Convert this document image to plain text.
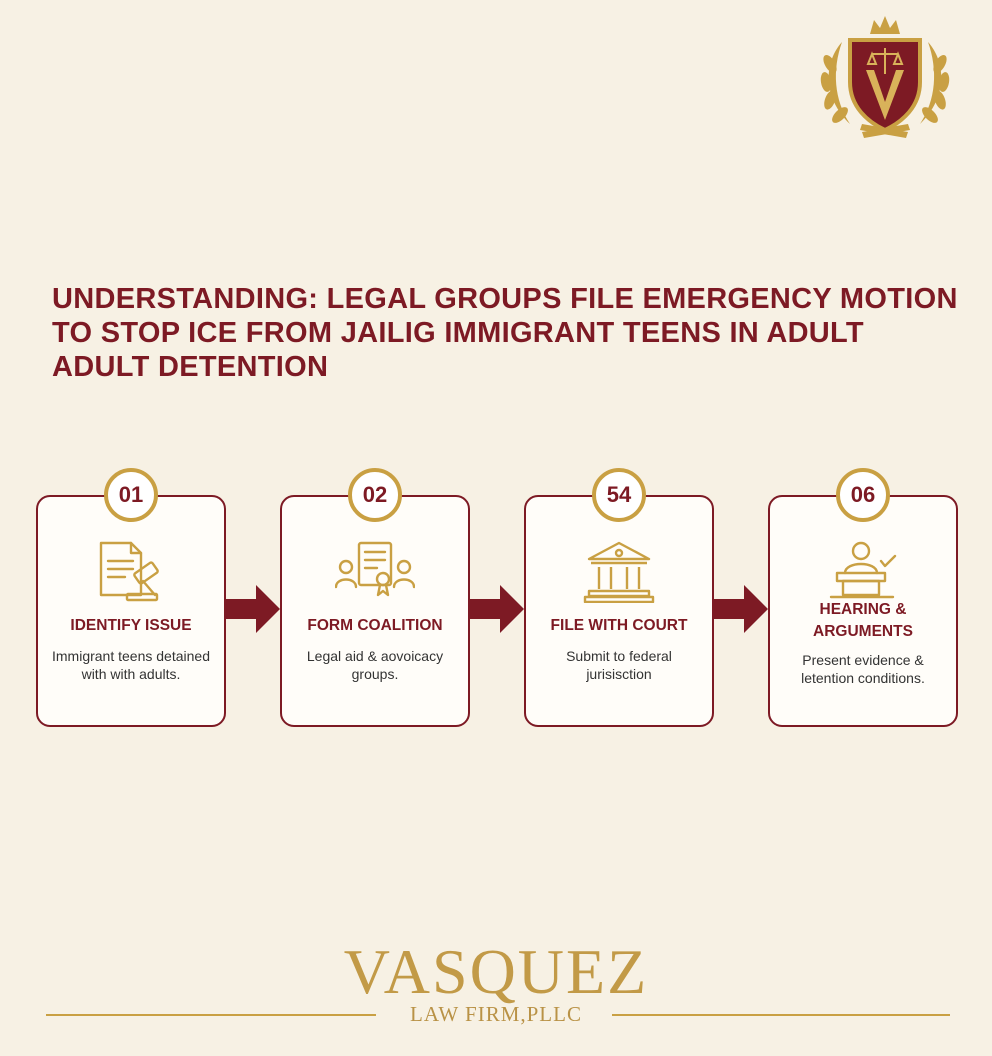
UNDERSTANDING: LEGAL GROUPS FILE EMERGENCY MOTION
TO STOP ICE FROM JAILIG IMMIGRANT TEENS IN ADULT
ADULT DETENTION
IDENTIFY ISSUE
Immigrant teens detained with with adults.
01
FORM COALITION
Legal aid & aovoicacy groups.
02
FILE WITH COURT
Submit to federal jurisisction
54
HEARING & ARGUMENTS
Present evidence & letention conditions.
06
VASQUEZ
LAW FIRM,PLLC
